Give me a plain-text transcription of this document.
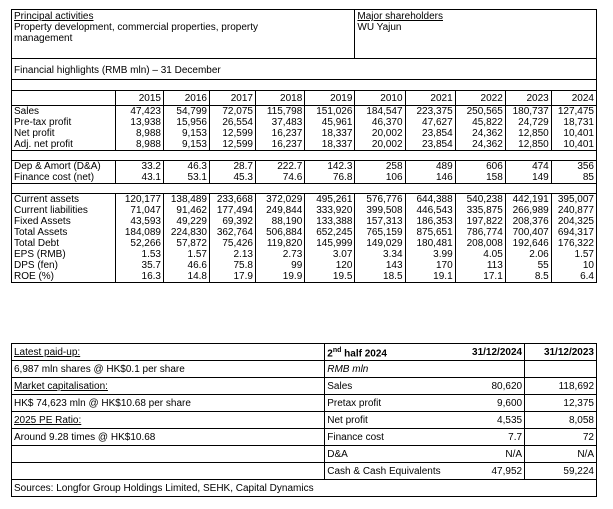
Principal activities						Major shareholders				

Property development, commercial properties, property
management						WU Yajun				
Financial highlights (RMB mln) – 31 December										

	2015	2016	2017	2018	2019	2010	2021	2022	2023	2024
Sales	47,423	54,799	72,075	115,798	151,026	184,547	223,375	250,565	180,737	127,475
Pre-tax profit	13,938	15,956	26,554	37,483	45,961	46,370	47,627	45,822	24,729	18,731
Net profit	8,988	9,153	12,599	16,237	18,337	20,002	23,854	24,362	12,850	10,401
Adj. net profit	8,988	9,153	12,599	16,237	18,337	20,002	23,854	24,362	12,850	10,401

Dep & Amort (D&A)	33.2	46.3	28.7	222.7	142.3	258	489	606	474	356
Finance cost (net)	43.1	53.1	45.3	74.6	76.8	106	146	158	149	85

Current assets	120,177	138,489	233,668	372,029	495,261	576,776	644,388	540,238	442,191	395,007
Current liabilities	71,047	91,462	177,494	249,844	333,920	399,508	446,543	335,875	266,989	240,877
Fixed Assets	43,593	49,229	69,392	88,190	133,388	157,313	186,353	197,822	208,376	204,325
Total Assets	184,089	224,830	362,764	506,884	652,245	765,159	875,651	786,774	700,407	694,317
Total Debt	52,266	57,872	75,426	119,820	145,999	149,029	180,481	208,008	192,646	176,322
EPS (RMB)	1.53	1.57	2.13	2.73	3.07	3.34	3.99	4.05	2.06	1.57
DPS (fen)	35.7	46.6	75.8	99	120	143	170	113	55	10
ROE (%)	16.3	14.8	17.9	19.9	19.5	18.5	19.1	17.1	8.5	6.4
Latest paid-up:	2nd half 2024	31/12/2024	31/12/2023
6,987 mln shares @ HK$0.1 per share	RMB mln		
Market capitalisation:	Sales	80,620	118,692
HK$ 74,623 mln @ HK$10.68 per share	Pretax profit	9,600	12,375
2025 PE Ratio:	Net profit	4,535	8,058
Around 9.28 times @ HK$10.68	Finance cost	7.7	72
	D&A	N/A	N/A
	Cash & Cash Equivalents	47,952	59,224
Sources: Longfor Group Holdings Limited, SEHK, Capital Dynamics			
